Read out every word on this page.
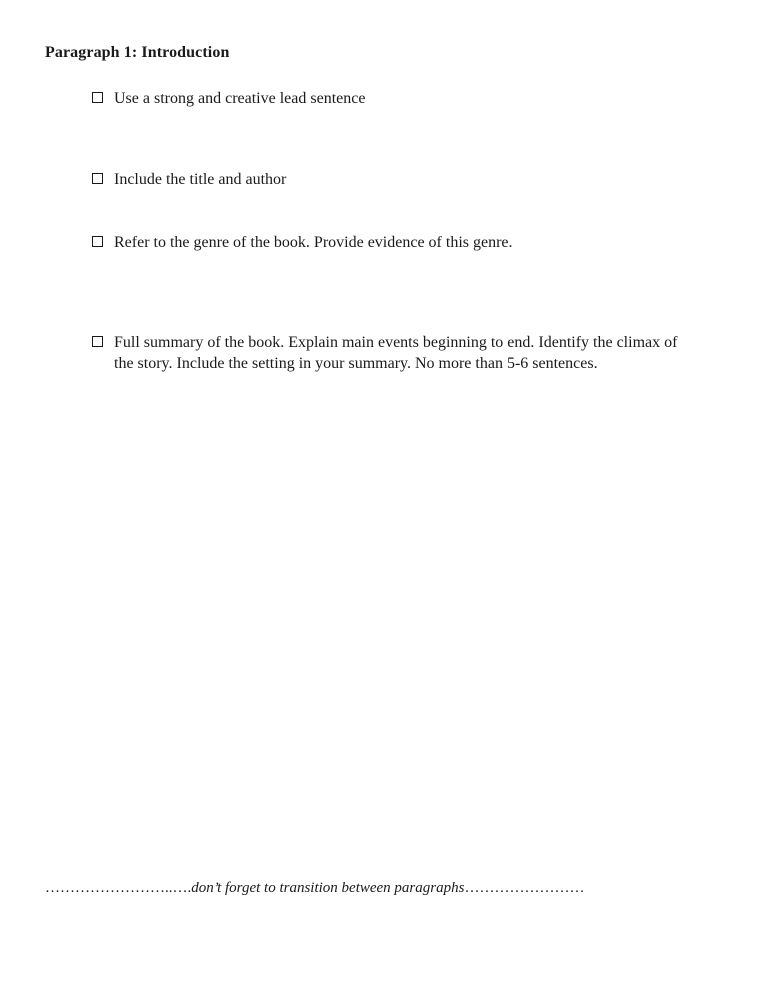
Paragraph 1: Introduction
Use a strong and creative lead sentence
Include the title and author
Refer to the genre of the book. Provide evidence of this genre.
Full summary of the book. Explain main events beginning to end. Identify the climax of the story. Include the setting in your summary. No more than 5-6 sentences.
……………………..….don’t forget to transition between paragraphs……………………
